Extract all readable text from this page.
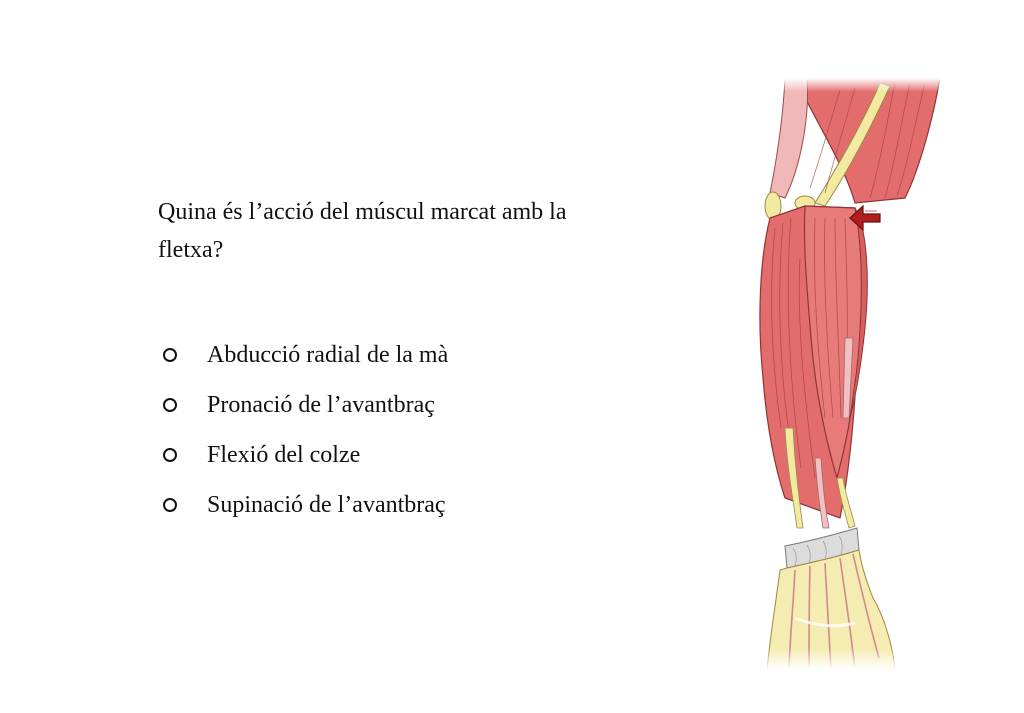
Quina és l’acció del múscul marcat amb la fletxa?
Abducció radial de la mà
Pronació de l’avantbraç
Flexió del colze
Supinació de l’avantbraç
